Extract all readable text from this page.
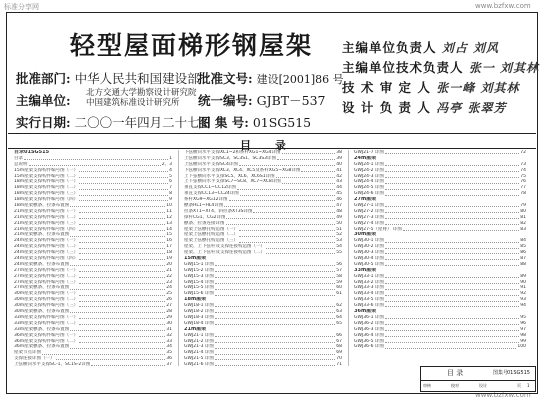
标准分享网	www.bzfxw.com
www.bzfxw.com
轻型屋面梯形钢屋架
批准部门: 中华人民共和国建设部
批准文号: 建设[2001]86 号
主编单位: 北方交通大学勘察设计研究院
中国建筑标准设计研究所	统一编号: GJBT－537
实行日期: 二〇〇一年四月二十七日
图 集 号: 01SG515
主编单位负责人 刘占 刘风
主编单位技术负责人 张一 刘其林
技 术 审 定 人 张一峰 刘其林
设 计 负 责 人 冯亭 张翠芳
目 录
目录01SG515
目录	1
总说明	2、3
15m屋架支撑构件编号图（一）	4
15m屋架支撑构件编号图（二）	5
18m屋架支撑构件编号图（一）	6
18m屋架支撑构件编号图（二）	7
18m屋架支撑构件编号图（三）	8
18m屋架支撑构件编号图（四）	9
18m屋架檩条、拉条布置图	10
21m屋架支撑构件编号图（一）	11
21m屋架支撑构件编号图（二）	12
21m屋架支撑构件编号图（三）	13
21m屋架支撑构件编号图（四）	14
21m屋架檩条、拉条布置图	15
24m屋架支撑构件编号图（一）	16
24m屋架支撑构件编号图（二）	17
24m屋架支撑构件编号图（三）	18
24m屋架支撑构件编号图（四）	19
24m屋架檩条、拉条布置图	20
27m屋架支撑构件编号图（一）	21
27m屋架支撑构件编号图（二）	22
27m屋架支撑构件编号图（三）	23
27m屋架檩条、拉条布置图	24
30m屋架支撑构件编号图（一）	25
30m屋架支撑构件编号图（二）	26
30m屋架支撑构件编号图（三）	27
30m屋架檩条、拉条布置图	28
33m屋架支撑构件编号图（一）	29
33m屋架支撑构件编号图（二）	30
33m屋架檩条、拉条布置图	31
36m屋架支撑构件编号图（一）	32
36m屋架支撑构件编号图（二）	33
36m屋架檩条、拉条布置图	34
屋架节点详图	35
支撑连接详图（一）	36
上弦横向水平支撑SC-1、SC1S-2详图	37
下弦横向水平支撑XC1~2和系杆XG1~XG4详图	38
上弦横向水平支撑SC3、SC3S1、SC3S3详图	39
上弦横向水平支撑SC4详图	40
下弦横向水平支撑XC3、XC4、XC5及系杆XG5~XG8详图	41
上下弦横向水平支撑SC5、XC6、XC6S1详图	42
上下弦横向水平支撑SC7~SC8、XC7~XC8详图	43
垂直支撑CC1~CC12详图	44
垂直支撑CC13~CC24详图	45
系杆XG9~XG12详图	46
檩条HL1~HL4详图	47
拉条XT1~XT4、斜拉条XT3S详图	48
撑杆CG1、CG2详图	49
檩条、拉条连接详图	50
屋架上弦檩托构造图（一）	51
屋架上弦檩托构造图（二）	52
屋架上弦檩托构造图（三）	53
屋架、上下弦杆及支撑连接构造图（一）	54
屋架、上下弦杆及支撑连接构造图（二）	55
15m屋架
GWJ15-1 详图	56
GWJ15-2 详图	57
GWJ15-3 详图	58
GWJ15-4 详图	59
GWJ15-5 详图	60
GWJ15-6 详图	61
18m屋架
GWJ18-1 详图	62
GWJ18-2 详图	63
GWJ18-3 详图	64
GWJ18-4 详图	65
21m屋架
GWJ21-1 详图	66
GWJ21-2 详图	67
GWJ21-3 详图	68
GWJ21-4 详图	69
GWJ21-5 详图	70
GWJ21-6 详图	71
GWJ21-7 详图	72
24m屋架
GWJ24-1 详图	73
GWJ24-2 详图	74
GWJ24-3 详图	75
GWJ24-4 详图	76
GWJ24-5 详图	77
GWJ24-6 详图	78
27m屋架
GWJ27-1 详图	79
GWJ27-2 详图	80
GWJ27-3 详图	81
GWJ27-4 详图	82
GWJ27-5（屋脊） 详图	83
30m屋架
GWJ30-1 详图	84
GWJ30-2 详图	85
GWJ30-3 详图	86
GWJ30-4 详图	87
GWJ30-5 详图	88
33m屋架
GWJ33-1 详图	89
GWJ33-2 详图	90
GWJ33-3 详图	91
GWJ33-4 详图	92
GWJ33-5 详图	93
GWJ33-6 详图	94
36m屋架
GWJ36-1 详图	95
GWJ36-2 详图	96
GWJ36-3 详图	97
GWJ36-4 详图	98
GWJ36-5 详图	99
GWJ36-6 详图	100
目 录	图集号
01SG515
审核	校对	设计	页 1
